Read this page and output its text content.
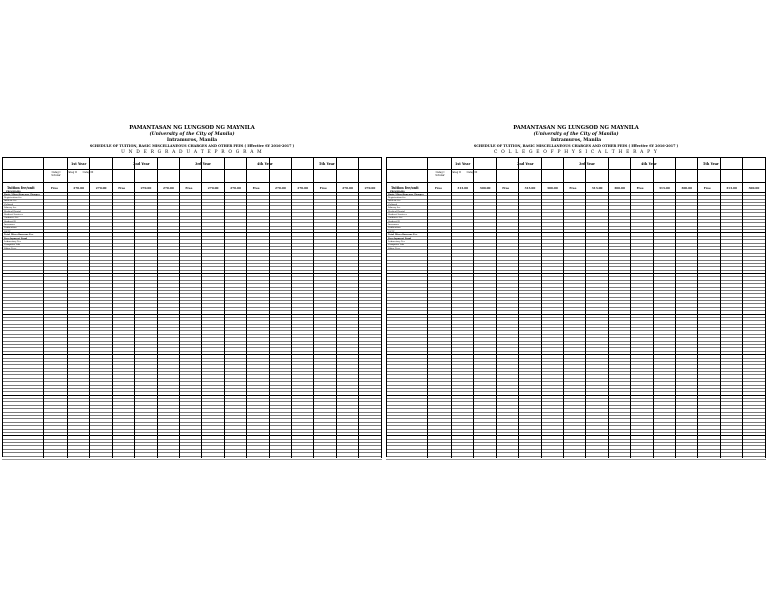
PAMANTASAN NG LUNGSOD NG MAYNILA
(University of the City of Manila)
Intramuros, Manila
SCHEDULE OF TUITION, BASIC MISCELLANEOUS CHARGES AND OTHER FEES ( Effective SY 2016-2017 )
U N D E R G R A D U A T E P R O G R A M
1st Year	2nd Year	3rd Year	4th Year	5th Year
Categ I Scholar
Categ II	Categ III
PROGRAMS
Tuition fee/unit	Free	270.00	270.00	Free	270.00	270.00	Free	270.00	270.00	Free	270.00	270.00	Free	270.00	270.00
Basic Miscellaneous Charges
Registration fee
Athletic fee
Cultural
Library fee
Medical/Dental
Student Services
Guidance fee
Student ID
Insurance
Publication
NSTP
Total Miscellaneous Fee
Development Fund
Laboratory Fee
Computer Lab
Other Fees
PAMANTASAN NG LUNGSOD NG MAYNILA
(University of the City of Manila)
Intramuros, Manila
SCHEDULE OF TUITION, BASIC MISCELLANEOUS CHARGES AND OTHER FEES ( Effective SY 2016-2017 )
C O L L E G E O F P H Y S I C A L T H E R A P Y
1st Year	2nd Year	3rd Year	4th Year	5th Year
Categ I Scholar
Categ II	Categ III
PROGRAMS
Tuition fee/unit	Free	313.00	300.00	Free	313.00	300.00	Free	313.00	300.00	Free	313.00	300.00	Free	313.00	300.00
Basic Miscellaneous Charges
Registration fee
Athletic fee
Cultural
Library fee
Medical/Dental
Student Services
Guidance fee
Student ID
Insurance
Publication
NSTP
Total Miscellaneous Fee
Development Fund
Laboratory Fee
Computer Lab
Other Fees
